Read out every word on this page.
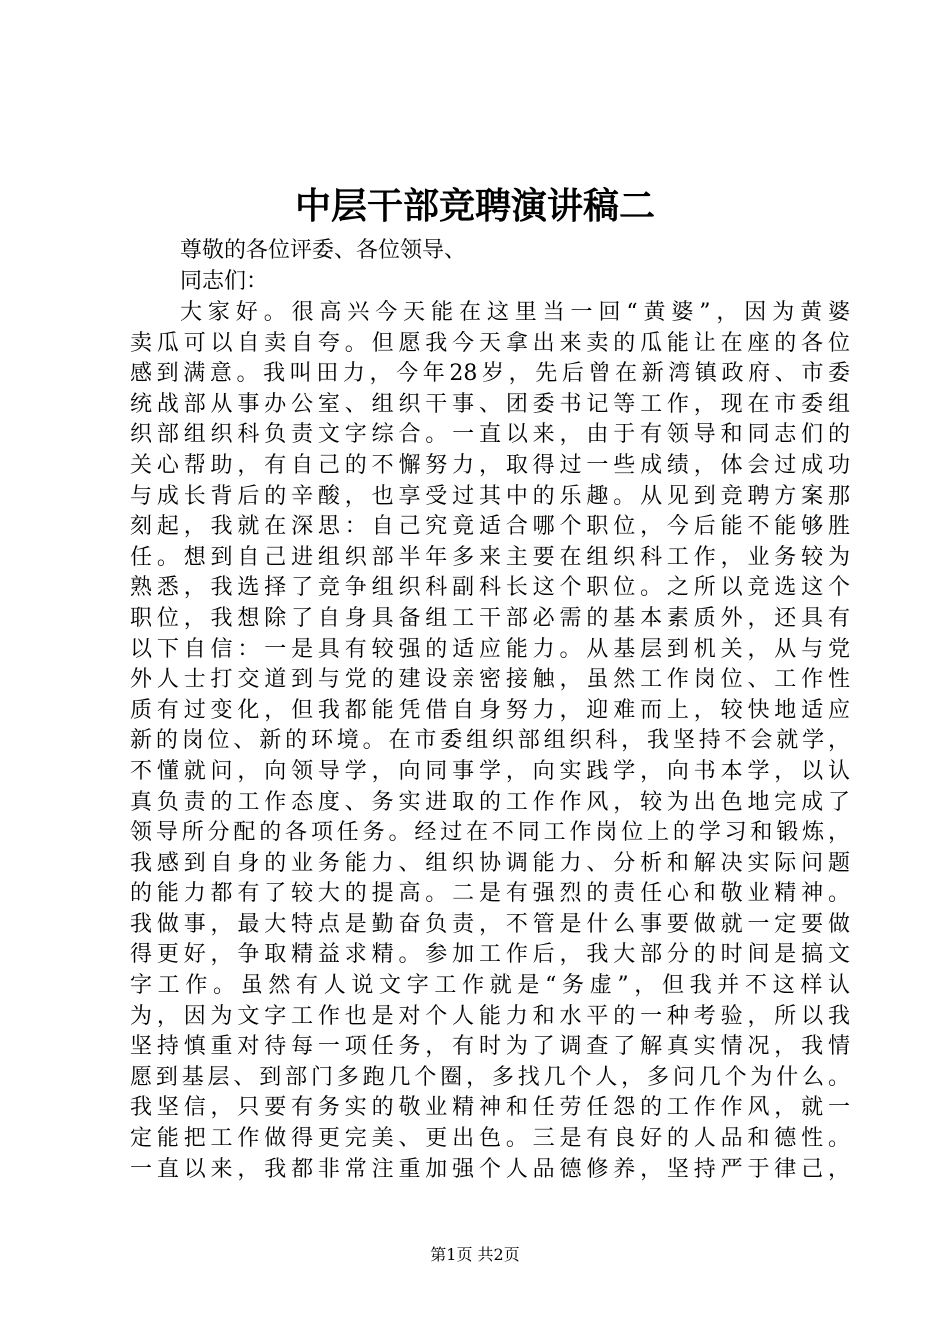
中层干部竞聘演讲稿二

尊敬的各位评委、各位领导、

同志们：

大家好。很高兴今天能在这里当一回“黄婆”，因为黄婆
卖瓜可以自卖自夸。但愿我今天拿出来卖的瓜能让在座的各位
感到满意。我叫田力，今年28岁，先后曾在新湾镇政府、市委
统战部从事办公室、组织干事、团委书记等工作，现在市委组
织部组织科负责文字综合。一直以来，由于有领导和同志们的
关心帮助，有自己的不懈努力，取得过一些成绩，体会过成功
与成长背后的辛酸，也享受过其中的乐趣。从见到竞聘方案那
刻起，我就在深思：自己究竟适合哪个职位，今后能不能够胜
任。想到自己进组织部半年多来主要在组织科工作，业务较为
熟悉，我选择了竞争组织科副科长这个职位。之所以竞选这个
职位，我想除了自身具备组工干部必需的基本素质外，还具有
以下自信：一是具有较强的适应能力。从基层到机关，从与党
外人士打交道到与党的建设亲密接触，虽然工作岗位、工作性
质有过变化，但我都能凭借自身努力，迎难而上，较快地适应
新的岗位、新的环境。在市委组织部组织科，我坚持不会就学，
不懂就问，向领导学，向同事学，向实践学，向书本学，以认
真负责的工作态度、务实进取的工作作风，较为出色地完成了
领导所分配的各项任务。经过在不同工作岗位上的学习和锻炼，
我感到自身的业务能力、组织协调能力、分析和解决实际问题
的能力都有了较大的提高。二是有强烈的责任心和敬业精神。
我做事，最大特点是勤奋负责，不管是什么事要做就一定要做
得更好，争取精益求精。参加工作后，我大部分的时间是搞文
字工作。虽然有人说文字工作就是“务虚”，但我并不这样认
为，因为文字工作也是对个人能力和水平的一种考验，所以我
坚持慎重对待每一项任务，有时为了调查了解真实情况，我情
愿到基层、到部门多跑几个圈，多找几个人，多问几个为什么。
我坚信，只要有务实的敬业精神和任劳任怨的工作作风，就一
定能把工作做得更完美、更出色。三是有良好的人品和德性。
一直以来，我都非常注重加强个人品德修养，坚持严于律己，

第1页 共2页
